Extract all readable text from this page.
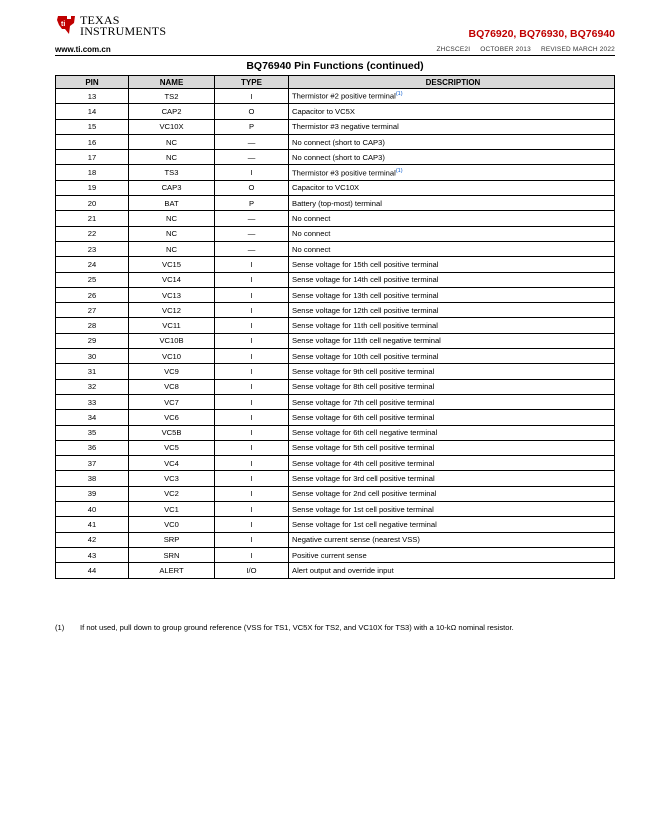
ti TEXAS
INSTRUMENTS
www.ti.com.cn
BQ76920, BQ76930, BQ76940
ZHCSCE2I OCTOBER 2013 REVISED MARCH 2022
BQ76940 Pin Functions (continued)
PIN	NAME	TYPE	DESCRIPTION
13	TS2	I	Thermistor #2 positive terminal$^{(1)}$
14	CAP2	O	Capacitor to VC5X
15	VC10X	P	Thermistor #3 negative terminal
16	NC	—	No connect (short to CAP3)
17	NC	—	No connect (short to CAP3)
18	TS3	I	Thermistor #3 positive terminal$^{(1)}$
19	CAP3	O	Capacitor to VC10X
20	BAT	P	Battery (top-most) terminal
21	NC	—	No connect
22	NC	—	No connect
23	NC	—	No connect
24	VC15	I	Sense voltage for 15th cell positive terminal
25	VC14	I	Sense voltage for 14th cell positive terminal
26	VC13	I	Sense voltage for 13th cell positive terminal
27	VC12	I	Sense voltage for 12th cell positive terminal
28	VC11	I	Sense voltage for 11th cell positive terminal
29	VC10B	I	Sense voltage for 11th cell negative terminal
30	VC10	I	Sense voltage for 10th cell positive terminal
31	VC9	I	Sense voltage for 9th cell positive terminal
32	VC8	I	Sense voltage for 8th cell positive terminal
33	VC7	I	Sense voltage for 7th cell positive terminal
34	VC6	I	Sense voltage for 6th cell positive terminal
35	VC5B	I	Sense voltage for 6th cell negative terminal
36	VC5	I	Sense voltage for 5th cell positive terminal
37	VC4	I	Sense voltage for 4th cell positive terminal
38	VC3	I	Sense voltage for 3rd cell positive terminal
39	VC2	I	Sense voltage for 2nd cell positive terminal
40	VC1	I	Sense voltage for 1st cell positive terminal
41	VC0	I	Sense voltage for 1st cell negative terminal
42	SRP	I	Negative current sense (nearest VSS)
43	SRN	I	Positive current sense
44	ALERT	I/O	Alert output and override input
(1) If not used, pull down to group ground reference (VSS for TS1, VC5X for TS2, and VC10X for TS3) with a 10-kΩ nominal resistor.
